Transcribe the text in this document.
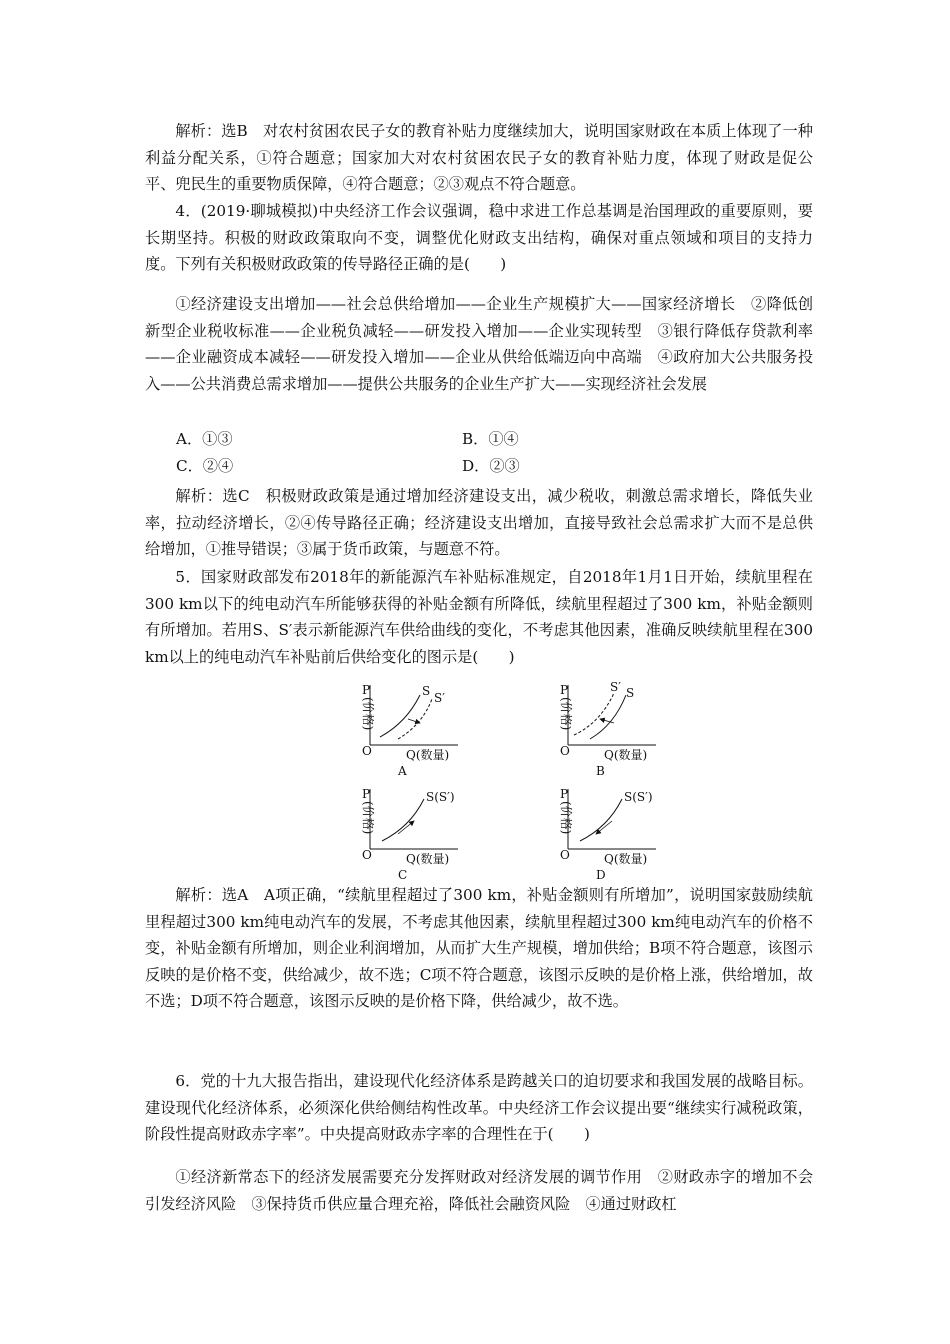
解析：选B　对农村贫困农民子女的教育补贴力度继续加大，说明国家财政在本质上体现了一种利益分配关系，①符合题意；国家加大对农村贫困农民子女的教育补贴力度，体现了财政是促公平、兜民生的重要物质保障，④符合题意；②③观点不符合题意。

4．(2019·聊城模拟)中央经济工作会议强调，稳中求进工作总基调是治国理政的重要原则，要长期坚持。积极的财政政策取向不变，调整优化财政支出结构，确保对重点领域和项目的支持力度。下列有关积极财政政策的传导路径正确的是(　　)

①经济建设支出增加——社会总供给增加——企业生产规模扩大——国家经济增长　②降低创新型企业税收标准——企业税负减轻——研发投入增加——企业实现转型　③银行降低存贷款利率——企业融资成本减轻——研发投入增加——企业从供给低端迈向中高端　④政府加大公共服务投入——公共消费总需求增加——提供公共服务的企业生产扩大——实现经济社会发展

A．①③	B．①④
C．②④	D．②③

解析：选C　积极财政政策是通过增加经济建设支出，减少税收，刺激总需求增长，降低失业率，拉动经济增长，②④传导路径正确；经济建设支出增加，直接导致社会总需求扩大而不是总供给增加，①推导错误；③属于货币政策，与题意不符。

5．国家财政部发布2018年的新能源汽车补贴标准规定，自2018年1月1日开始，续航里程在300 km以下的纯电动汽车所能够获得的补贴金额有所降低，续航里程超过了300 km，补贴金额则有所增加。若用S、S′表示新能源汽车供给曲线的变化，不考虑其他因素，准确反映续航里程在300 km以上的纯电动汽车补贴前后供给变化的图示是(　　)

P
(价格)
O	Q(数量)
S S′
A
P
(价格)
O	Q(数量)
S′ S
B
P
(价格)
O	Q(数量)
S(S′)
C
P
(价格)
O	Q(数量)
S(S′)
D

解析：选A　A项正确，“续航里程超过了300 km，补贴金额则有所增加”，说明国家鼓励续航里程超过300 km纯电动汽车的发展，不考虑其他因素，续航里程超过300 km纯电动汽车的价格不变，补贴金额有所增加，则企业利润增加，从而扩大生产规模，增加供给；B项不符合题意，该图示反映的是价格不变，供给减少，故不选；C项不符合题意，该图示反映的是价格上涨，供给增加，故不选；D项不符合题意，该图示反映的是价格下降，供给减少，故不选。

6．党的十九大报告指出，建设现代化经济体系是跨越关口的迫切要求和我国发展的战略目标。建设现代化经济体系，必须深化供给侧结构性改革。中央经济工作会议提出要“继续实行减税政策，阶段性提高财政赤字率”。中央提高财政赤字率的合理性在于(　　)

①经济新常态下的经济发展需要充分发挥财政对经济发展的调节作用　②财政赤字的增加不会引发经济风险　③保持货币供应量合理充裕，降低社会融资风险　④通过财政杠
